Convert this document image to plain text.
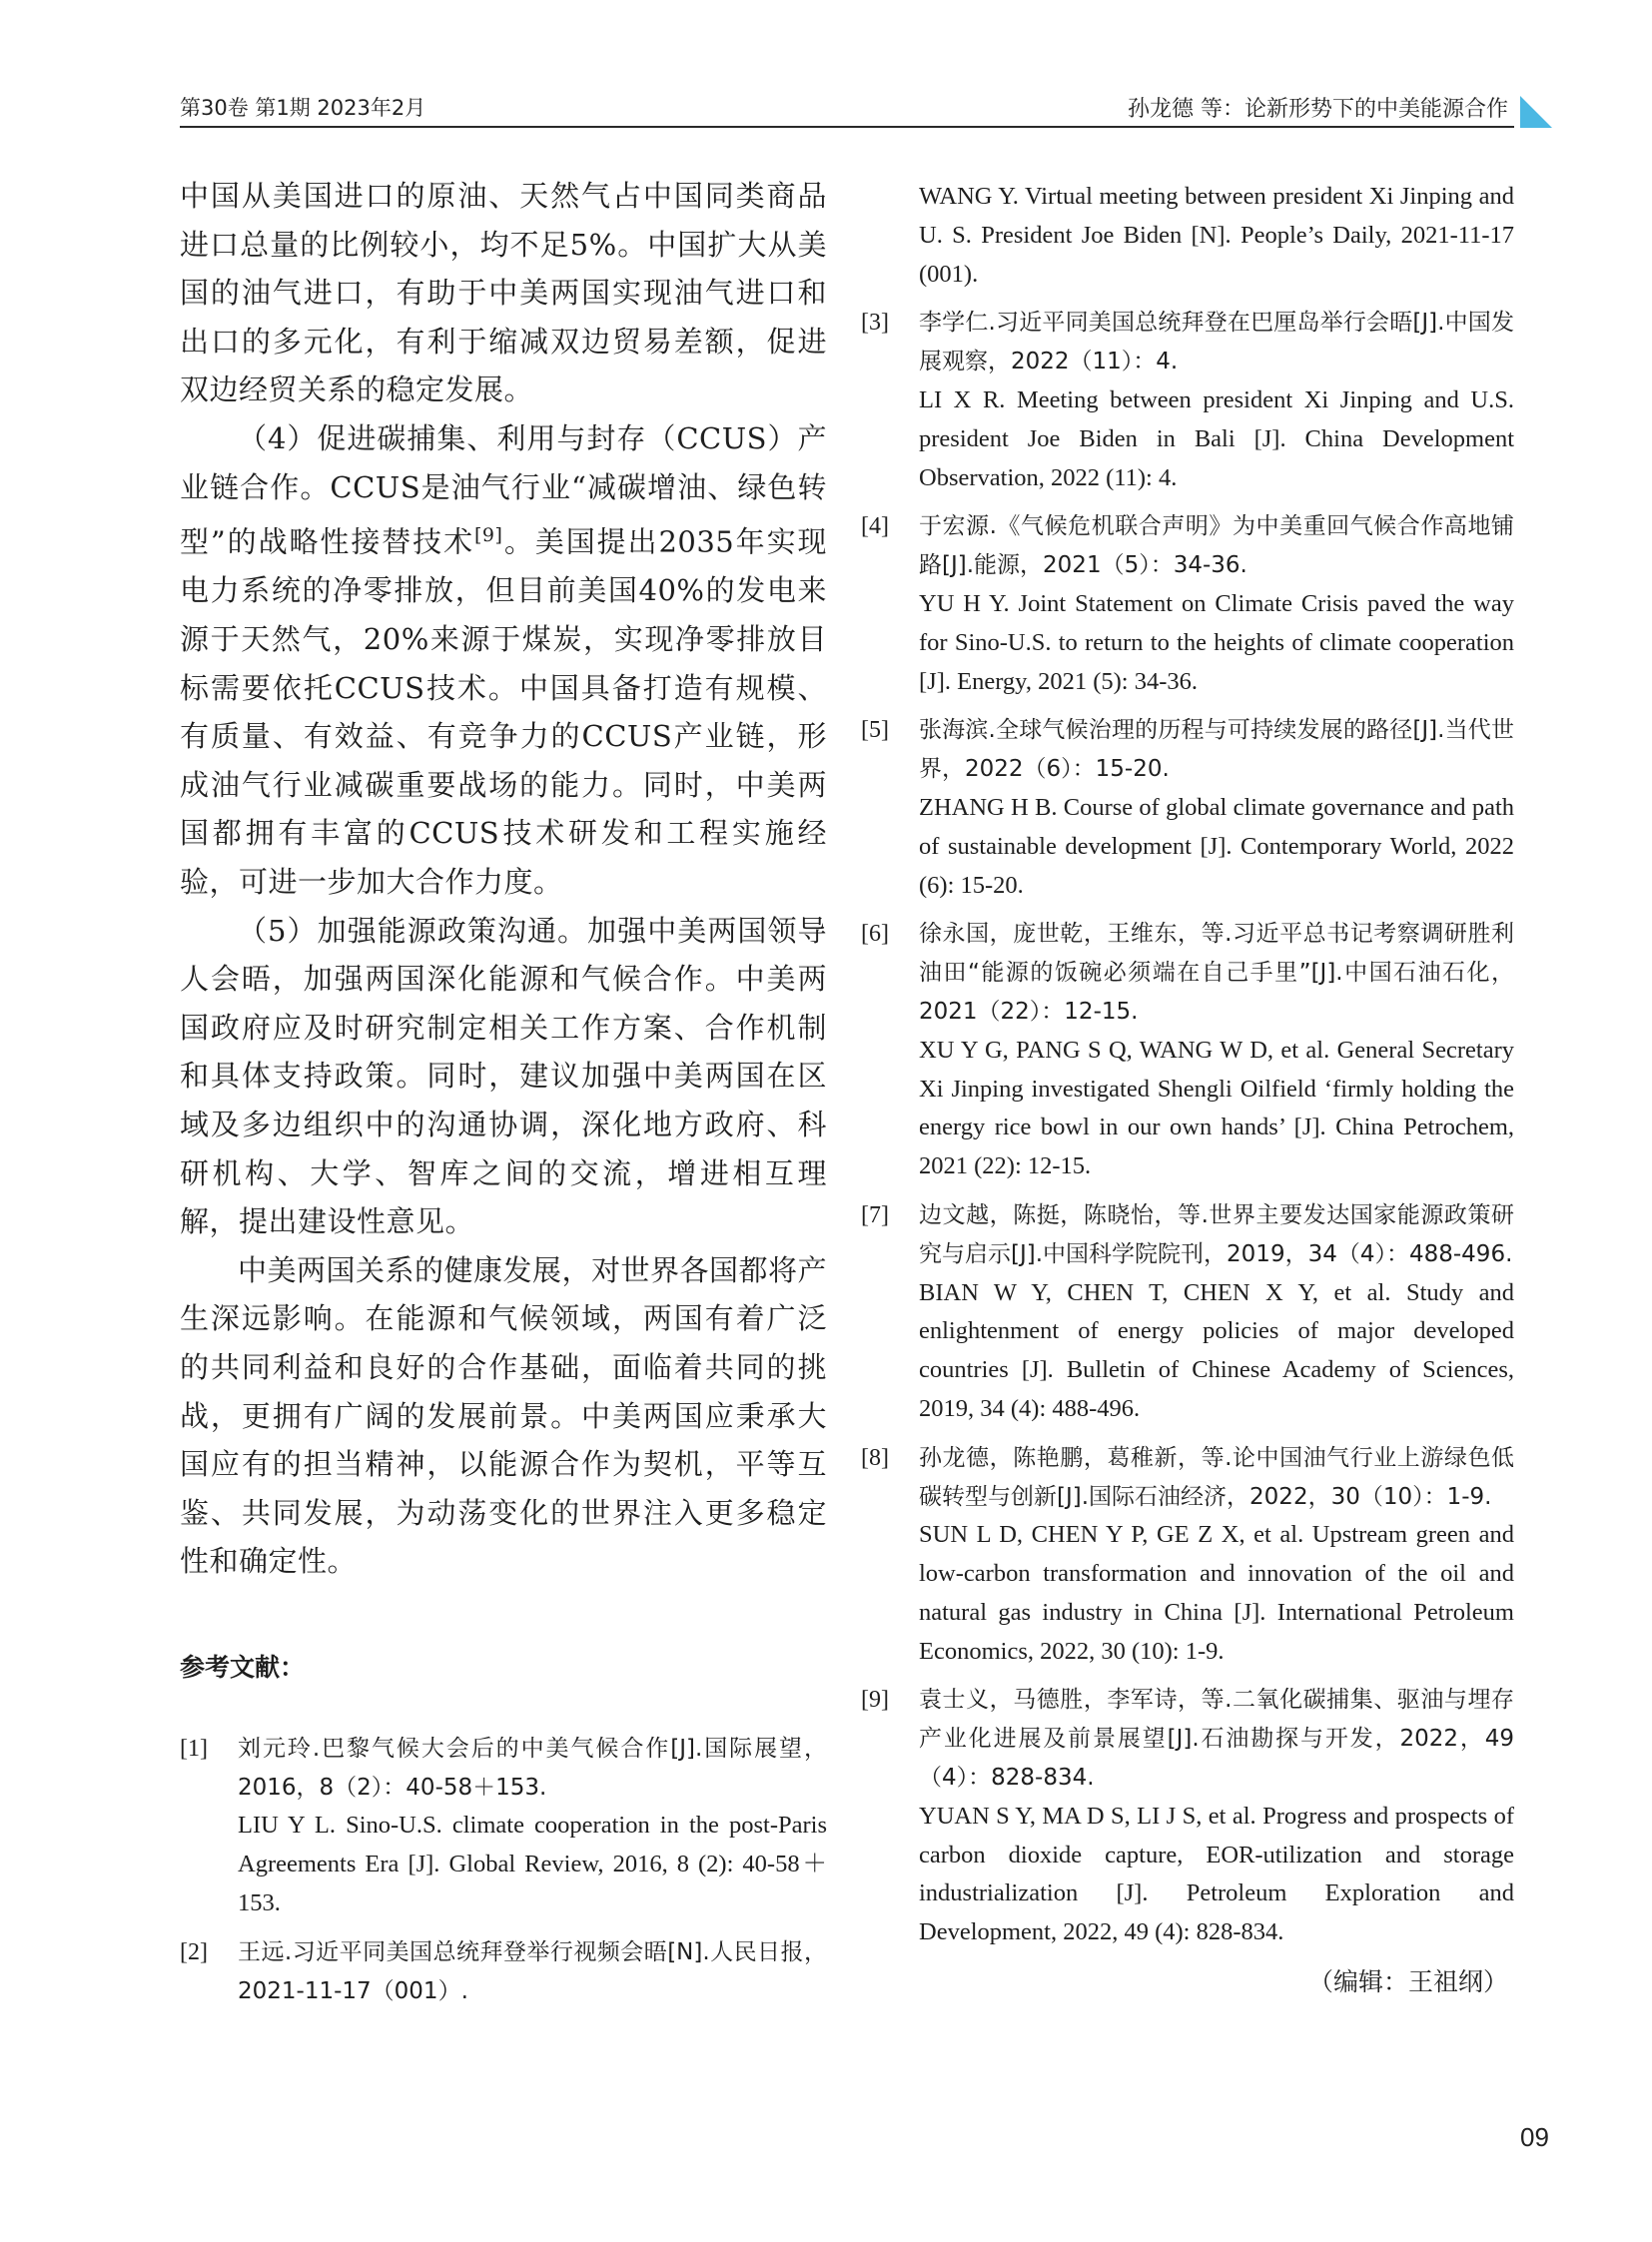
第30卷 第1期 2023年2月	孙龙德 等：论新形势下的中美能源合作

中国从美国进口的原油、天然气占中国同类商品进口总量的比例较小，均不足5%。中国扩大从美国的油气进口，有助于中美两国实现油气进口和出口的多元化，有利于缩减双边贸易差额，促进双边经贸关系的稳定发展。

（4）促进碳捕集、利用与封存（CCUS）产业链合作。CCUS是油气行业“减碳增油、绿色转型”的战略性接替技术[9]。美国提出2035年实现电力系统的净零排放，但目前美国40%的发电来源于天然气，20%来源于煤炭，实现净零排放目标需要依托CCUS技术。中国具备打造有规模、有质量、有效益、有竞争力的CCUS产业链，形成油气行业减碳重要战场的能力。同时，中美两国都拥有丰富的CCUS技术研发和工程实施经验，可进一步加大合作力度。

（5）加强能源政策沟通。加强中美两国领导人会晤，加强两国深化能源和气候合作。中美两国政府应及时研究制定相关工作方案、合作机制和具体支持政策。同时，建议加强中美两国在区域及多边组织中的沟通协调，深化地方政府、科研机构、大学、智库之间的交流，增进相互理解，提出建设性意见。

中美两国关系的健康发展，对世界各国都将产生深远影响。在能源和气候领域，两国有着广泛的共同利益和良好的合作基础，面临着共同的挑战，更拥有广阔的发展前景。中美两国应秉承大国应有的担当精神，以能源合作为契机，平等互鉴、共同发展，为动荡变化的世界注入更多稳定性和确定性。

参考文献：
[1] 刘元玲.巴黎气候大会后的中美气候合作[J].国际展望，2016，8（2）：40-58＋153.

LIU Y L. Sino-U.S. climate cooperation in the post-Paris Agreements Era [J]. Global Review, 2016, 8 (2): 40-58＋153.

[2] 王远.习近平同美国总统拜登举行视频会晤[N].人民日报，2021-11-17（001）.

WANG Y. Virtual meeting between president Xi Jinping and U. S. President Joe Biden [N]. People’s Daily, 2021-11-17 (001).

[3] 李学仁.习近平同美国总统拜登在巴厘岛举行会晤[J].中国发展观察，2022（11）：4.

LI X R. Meeting between president Xi Jinping and U.S. president Joe Biden in Bali [J]. China Development Observation, 2022 (11): 4.

[4] 于宏源.《气候危机联合声明》为中美重回气候合作高地铺路[J].能源，2021（5）：34-36.

YU H Y. Joint Statement on Climate Crisis paved the way for Sino-U.S. to return to the heights of climate cooperation [J]. Energy, 2021 (5): 34-36.

[5] 张海滨.全球气候治理的历程与可持续发展的路径[J].当代世界，2022（6）：15-20.

ZHANG H B. Course of global climate governance and path of sustainable development [J]. Contemporary World, 2022 (6): 15-20.

[6] 徐永国，庞世乾，王维东，等.习近平总书记考察调研胜利油田“能源的饭碗必须端在自己手里”[J].中国石油石化，2021（22）：12-15.

XU Y G, PANG S Q, WANG W D, et al. General Secretary Xi Jinping investigated Shengli Oilfield ‘firmly holding the energy rice bowl in our own hands’ [J]. China Petrochem, 2021 (22): 12-15.

[7] 边文越，陈挺，陈晓怡，等.世界主要发达国家能源政策研究与启示[J].中国科学院院刊，2019，34（4）：488-496.

BIAN W Y, CHEN T, CHEN X Y, et al. Study and enlightenment of energy policies of major developed countries [J]. Bulletin of Chinese Academy of Sciences, 2019, 34 (4): 488-496.

[8] 孙龙德，陈艳鹏，葛稚新，等.论中国油气行业上游绿色低碳转型与创新[J].国际石油经济，2022，30（10）：1-9.

SUN L D, CHEN Y P, GE Z X, et al. Upstream green and low-carbon transformation and innovation of the oil and natural gas industry in China [J]. International Petroleum Economics, 2022, 30 (10): 1-9.

[9] 袁士义，马德胜，李军诗，等.二氧化碳捕集、驱油与埋存产业化进展及前景展望[J].石油勘探与开发，2022，49（4）：828-834.

YUAN S Y, MA D S, LI J S, et al. Progress and prospects of carbon dioxide capture, EOR-utilization and storage industrialization [J]. Petroleum Exploration and Development, 2022, 49 (4): 828-834.

（编辑：王祖纲）

09
